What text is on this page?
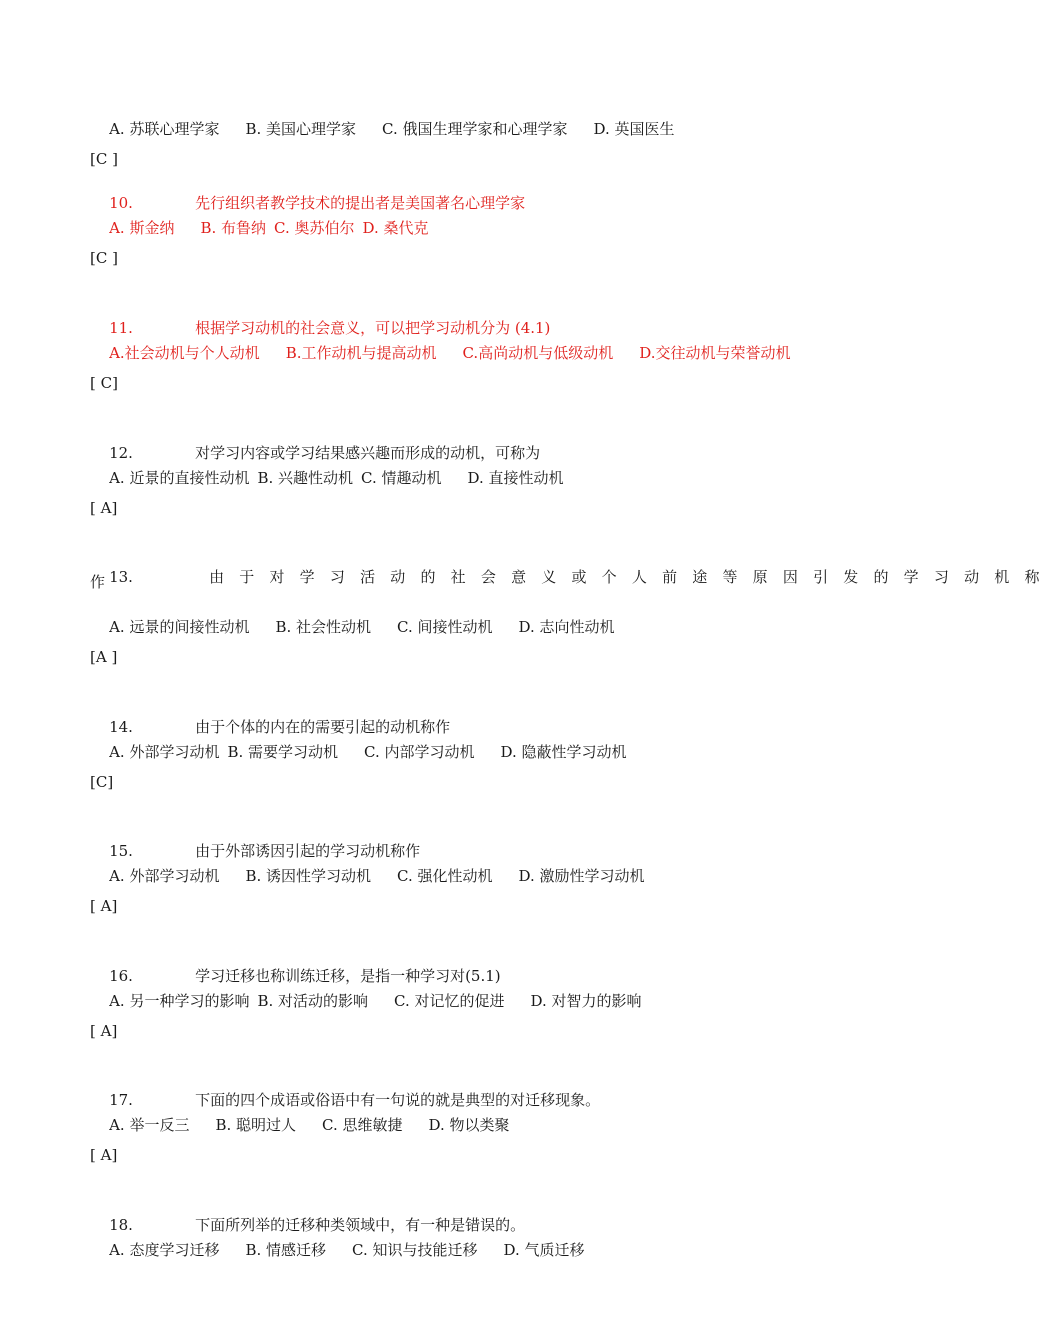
A. 苏联心理学家 B. 美国心理学家 C. 俄国生理学家和心理学家 D. 英国医生

[C ]

10.	先行组织者教学技术的提出者是美国著名心理学家

A. 斯金纳 B. 布鲁纳 C. 奥苏伯尔 D. 桑代克

[C ]

11.	根据学习动机的社会意义，可以把学习动机分为 (4.1)

A.社会动机与个人动机 B.工作动机与提高动机 C.高尚动机与低级动机 D.交往动机与荣誉动机

[ C]

12.	对学习内容或学习结果感兴趣而形成的动机，可称为

A. 近景的直接性动机 B. 兴趣性动机 C. 情趣动机 D. 直接性动机

[ A]

13.	由于对学习活动的社会意义或个人前途等原因引发的学习动机称

作

A. 远景的间接性动机 B. 社会性动机 C. 间接性动机 D. 志向性动机

[A ]

14.	由于个体的内在的需要引起的动机称作

A. 外部学习动机 B. 需要学习动机 C. 内部学习动机 D. 隐蔽性学习动机

[C]

15.	由于外部诱因引起的学习动机称作

A. 外部学习动机 B. 诱因性学习动机 C. 强化性动机 D. 激励性学习动机

[ A]

16.	学习迁移也称训练迁移，是指一种学习对(5.1)

A. 另一种学习的影响 B. 对活动的影响 C. 对记忆的促进 D. 对智力的影响

[ A]

17.	下面的四个成语或俗语中有一句说的就是典型的对迁移现象。

A. 举一反三 B. 聪明过人 C. 思维敏捷 D. 物以类聚

[ A]

18.	下面所列举的迁移种类领域中，有一种是错误的。

A. 态度学习迁移 B. 情感迁移 C. 知识与技能迁移 D. 气质迁移
